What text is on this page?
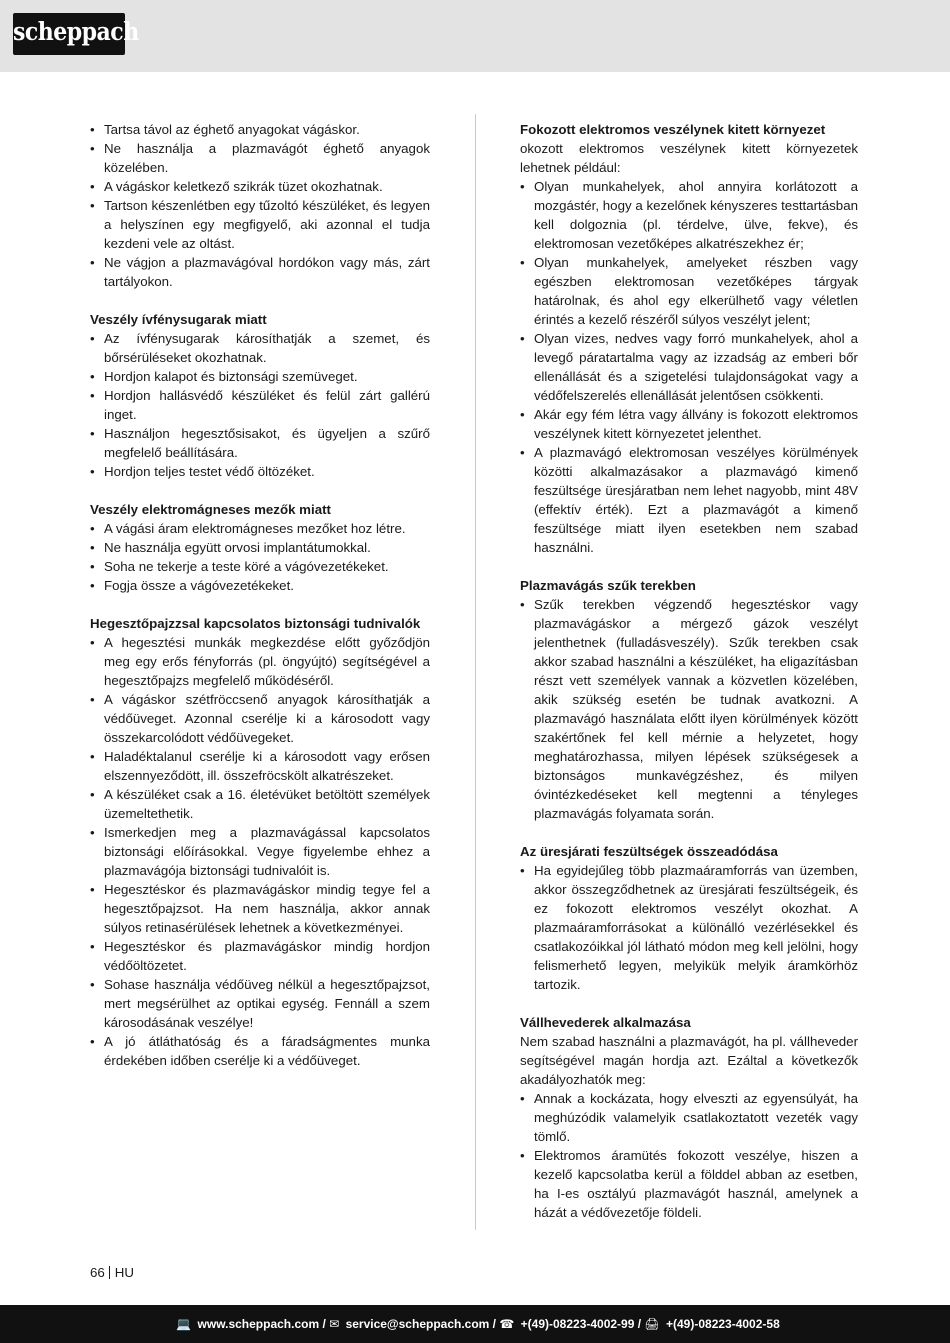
scheppach
• Tartsa távol az éghető anyagokat vágáskor.
• Ne használja a plazmavágót éghető anyagok közelében.
• A vágáskor keletkező szikrák tüzet okozhatnak.
• Tartson készenlétben egy tűzoltó készüléket, és legyen a helyszínen egy megfigyelő, aki azonnal el tudja kezdeni vele az oltást.
• Ne vágjon a plazmavágóval hordókon vagy más, zárt tartályokon.
Veszély ívfénysugarak miatt
• Az ívfénysugarak károsíthatják a szemet, és bőrsérüléseket okozhatnak.
• Hordjon kalapot és biztonsági szemüveget.
• Hordjon hallásvédő készüléket és felül zárt gallérú inget.
• Használjon hegesztősisakot, és ügyeljen a szűrő megfelelő beállítására.
• Hordjon teljes testet védő öltözéket.
Veszély elektromágneses mezők miatt
• A vágási áram elektromágneses mezőket hoz létre.
• Ne használja együtt orvosi implantátumokkal.
• Soha ne tekerje a teste köré a vágóvezetékeket.
• Fogja össze a vágóvezetékeket.
Hegesztőpajzzsal kapcsolatos biztonsági tudnivalók
• A hegesztési munkák megkezdése előtt győződjön meg egy erős fényforrás (pl. öngyújtó) segítségével a hegesztőpajzs megfelelő működéséről.
• A vágáskor szétfröccsenő anyagok károsíthatják a védőüveget. Azonnal cserélje ki a károsodott vagy összekarcolódott védőüvegeket.
• Haladéktalanul cserélje ki a károsodott vagy erősen elszennyeződött, ill. összefröcskölt alkatrészeket.
• A készüléket csak a 16. életévüket betöltött személyek üzemeltethetik.
• Ismerkedjen meg a plazmavágással kapcsolatos biztonsági előírásokkal. Vegye figyelembe ehhez a plazmavágója biztonsági tudnivalóit is.
• Hegesztéskor és plazmavágáskor mindig tegye fel a hegesztőpajzsot. Ha nem használja, akkor annak súlyos retinasérülések lehetnek a következményei.
• Hegesztéskor és plazmavágáskor mindig hordjon védőöltözetet.
• Sohase használja védőüveg nélkül a hegesztőpajzsot, mert megsérülhet az optikai egység. Fennáll a szem károsodásának veszélye!
• A jó átláthatóság és a fáradságmentes munka érdekében időben cserélje ki a védőüveget.
Fokozott elektromos veszélynek kitett környezet

okozott elektromos veszélynek kitett környezetek lehetnek például:

• Olyan munkahelyek, ahol annyira korlátozott a mozgástér, hogy a kezelőnek kényszeres testtartásban kell dolgoznia (pl. térdelve, ülve, fekve), és elektromosan vezetőképes alkatrészekhez ér;
• Olyan munkahelyek, amelyeket részben vagy egészben elektromosan vezetőképes tárgyak határolnak, és ahol egy elkerülhető vagy véletlen érintés a kezelő részéről súlyos veszélyt jelent;
• Olyan vizes, nedves vagy forró munkahelyek, ahol a levegő páratartalma vagy az izzadság az emberi bőr ellenállását és a szigetelési tulajdonságokat vagy a védőfelszerelés ellenállását jelentősen csökkenti.
• Akár egy fém létra vagy állvány is fokozott elektromos veszélynek kitett környezetet jelenthet.
• A plazmavágó elektromosan veszélyes körülmények közötti alkalmazásakor a plazmavágó kimenő feszültsége üresjáratban nem lehet nagyobb, mint 48V (effektív érték). Ezt a plazmavágót a kimenő feszültsége miatt ilyen esetekben nem szabad használni.
Plazmavágás szűk terekben
• Szűk terekben végzendő hegesztéskor vagy plazmavágáskor a mérgező gázok veszélyt jelenthetnek (fulladásveszély). Szűk terekben csak akkor szabad használni a készüléket, ha eligazításban részt vett személyek vannak a közvetlen közelében, akik szükség esetén be tudnak avatkozni. A plazmavágó használata előtt ilyen körülmények között szakértőnek fel kell mérnie a helyzetet, hogy meghatározhassa, milyen lépések szükségesek a biztonságos munkavégzéshez, és milyen óvintézkedéseket kell megtenni a tényleges plazmavágás folyamata során.
Az üresjárati feszültségek összeadódása
• Ha egyidejűleg több plazmaáramforrás van üzemben, akkor összegződhetnek az üresjárati feszültségeik, és ez fokozott elektromos veszélyt okozhat. A plazmaáramforrásokat a különálló vezérlésekkel és csatlakozóikkal jól látható módon meg kell jelölni, hogy felismerhető legyen, melyikük melyik áramkörhöz tartozik.
Vállhevederek alkalmazása

Nem szabad használni a plazmavágót, ha pl. vállheveder segítségével magán hordja azt. Ezáltal a következők akadályozhatók meg:

• Annak a kockázata, hogy elveszti az egyensúlyát, ha meghúzódik valamelyik csatlakoztatott vezeték vagy tömlő.
• Elektromos áramütés fokozott veszélye, hiszen a kezelő kapcsolatba kerül a földdel abban az esetben, ha I-es osztályú plazmavágót használ, amelynek a házát a védővezetője földeli.
66 HU
💻 www.scheppach.com / ✉ service@scheppach.com / ☎ +(49)-08223-4002-99 / 🖨 +(49)-08223-4002-58
